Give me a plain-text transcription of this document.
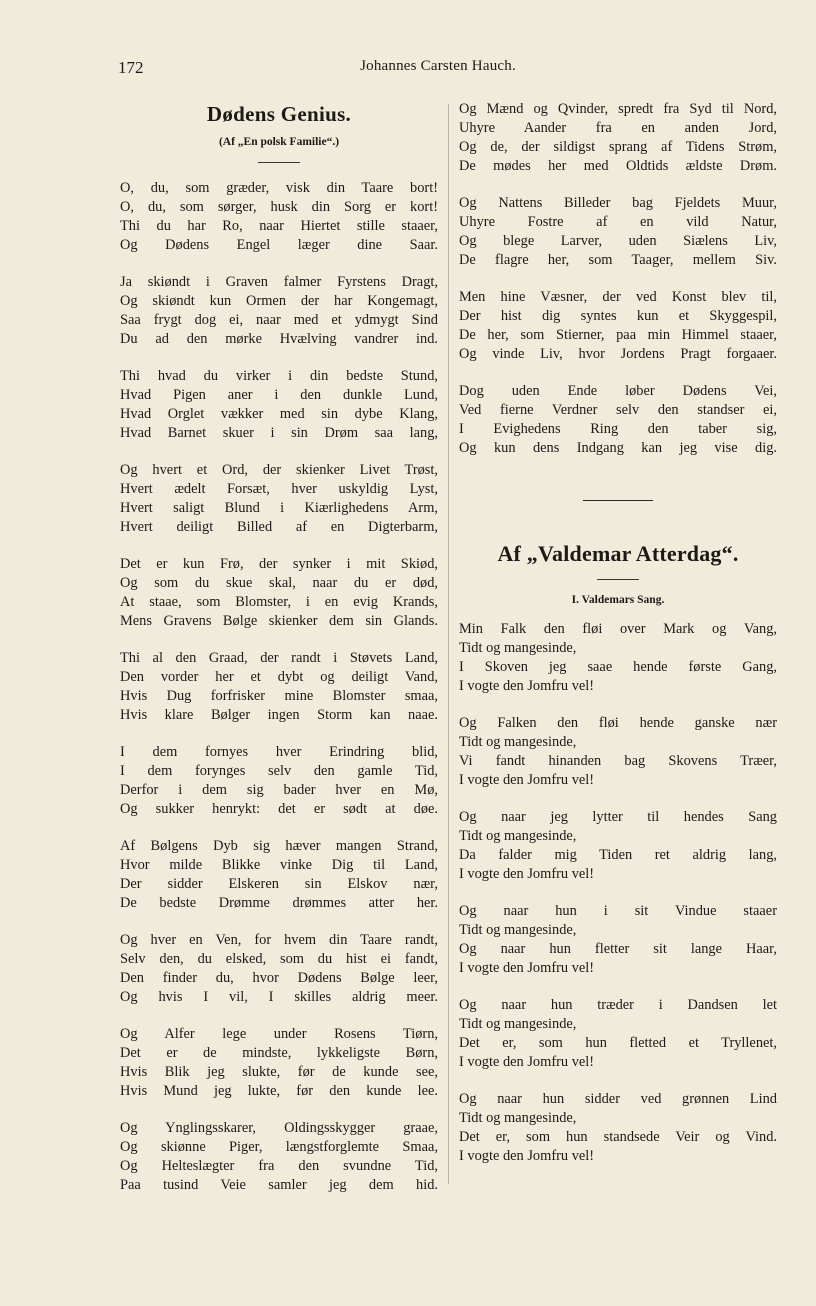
172	Johannes Carsten Hauch.
Dødens Genius.
(Af „En polsk Familie“.)
O, du, som græder, visk din Taare bort!
O, du, som sørger, husk din Sorg er kort!
Thi du har Ro, naar Hiertet stille staaer,
Og Dødens Engel læger dine Saar.
Ja skiøndt i Graven falmer Fyrstens Dragt,
Og skiøndt kun Ormen der har Kongemagt,
Saa frygt dog ei, naar med et ydmygt Sind
Du ad den mørke Hvælving vandrer ind.
Thi hvad du virker i din bedste Stund,
Hvad Pigen aner i den dunkle Lund,
Hvad Orglet vækker med sin dybe Klang,
Hvad Barnet skuer i sin Drøm saa lang,
Og hvert et Ord, der skienker Livet Trøst,
Hvert ædelt Forsæt, hver uskyldig Lyst,
Hvert saligt Blund i Kiærlighedens Arm,
Hvert deiligt Billed af en Digterbarm,
Det er kun Frø, der synker i mit Skiød,
Og som du skue skal, naar du er død,
At staae, som Blomster, i en evig Krands,
Mens Gravens Bølge skienker dem sin Glands.
Thi al den Graad, der randt i Støvets Land,
Den vorder her et dybt og deiligt Vand,
Hvis Dug forfrisker mine Blomster smaa,
Hvis klare Bølger ingen Storm kan naae.
I dem fornyes hver Erindring blid,
I dem forynges selv den gamle Tid,
Derfor i dem sig bader hver en Mø,
Og sukker henrykt: det er sødt at døe.
Af Bølgens Dyb sig hæver mangen Strand,
Hvor milde Blikke vinke Dig til Land,
Der sidder Elskeren sin Elskov nær,
De bedste Drømme drømmes atter her.
Og hver en Ven, for hvem din Taare randt,
Selv den, du elsked, som du hist ei fandt,
Den finder du, hvor Dødens Bølge leer,
Og hvis I vil, I skilles aldrig meer.
Og Alfer lege under Rosens Tiørn,
Det er de mindste, lykkeligste Børn,
Hvis Blik jeg slukte, før de kunde see,
Hvis Mund jeg lukte, før den kunde lee.
Og Ynglingsskarer, Oldingsskygger graae,
Og skiønne Piger, længstforglemte Smaa,
Og Helteslægter fra den svundne Tid,
Paa tusind Veie samler jeg dem hid.
Og Mænd og Qvinder, spredt fra Syd til Nord,
Uhyre Aander fra en anden Jord,
Og de, der sildigst sprang af Tidens Strøm,
De mødes her med Oldtids ældste Drøm.
Og Nattens Billeder bag Fjeldets Muur,
Uhyre Fostre af en vild Natur,
Og blege Larver, uden Siælens Liv,
De flagre her, som Taager, mellem Siv.
Men hine Væsner, der ved Konst blev til,
Der hist dig syntes kun et Skyggespil,
De her, som Stierner, paa min Himmel staaer,
Og vinde Liv, hvor Jordens Pragt forgaaer.
Dog uden Ende løber Dødens Vei,
Ved fierne Verdner selv den standser ei,
I Evighedens Ring den taber sig,
Og kun dens Indgang kan jeg vise dig.
Af „Valdemar Atterdag“.
I. Valdemars Sang.
Min Falk den fløi over Mark og Vang,
Tidt og mangesinde,
I Skoven jeg saae hende første Gang,
I vogte den Jomfru vel!
Og Falken den fløi hende ganske nær
Tidt og mangesinde,
Vi fandt hinanden bag Skovens Træer,
I vogte den Jomfru vel!
Og naar jeg lytter til hendes Sang
Tidt og mangesinde,
Da falder mig Tiden ret aldrig lang,
I vogte den Jomfru vel!
Og naar hun i sit Vindue staaer
Tidt og mangesinde,
Og naar hun fletter sit lange Haar,
I vogte den Jomfru vel!
Og naar hun træder i Dandsen let
Tidt og mangesinde,
Det er, som hun fletted et Tryllenet,
I vogte den Jomfru vel!
Og naar hun sidder ved grønnen Lind
Tidt og mangesinde,
Det er, som hun standsede Veir og Vind.
I vogte den Jomfru vel!
